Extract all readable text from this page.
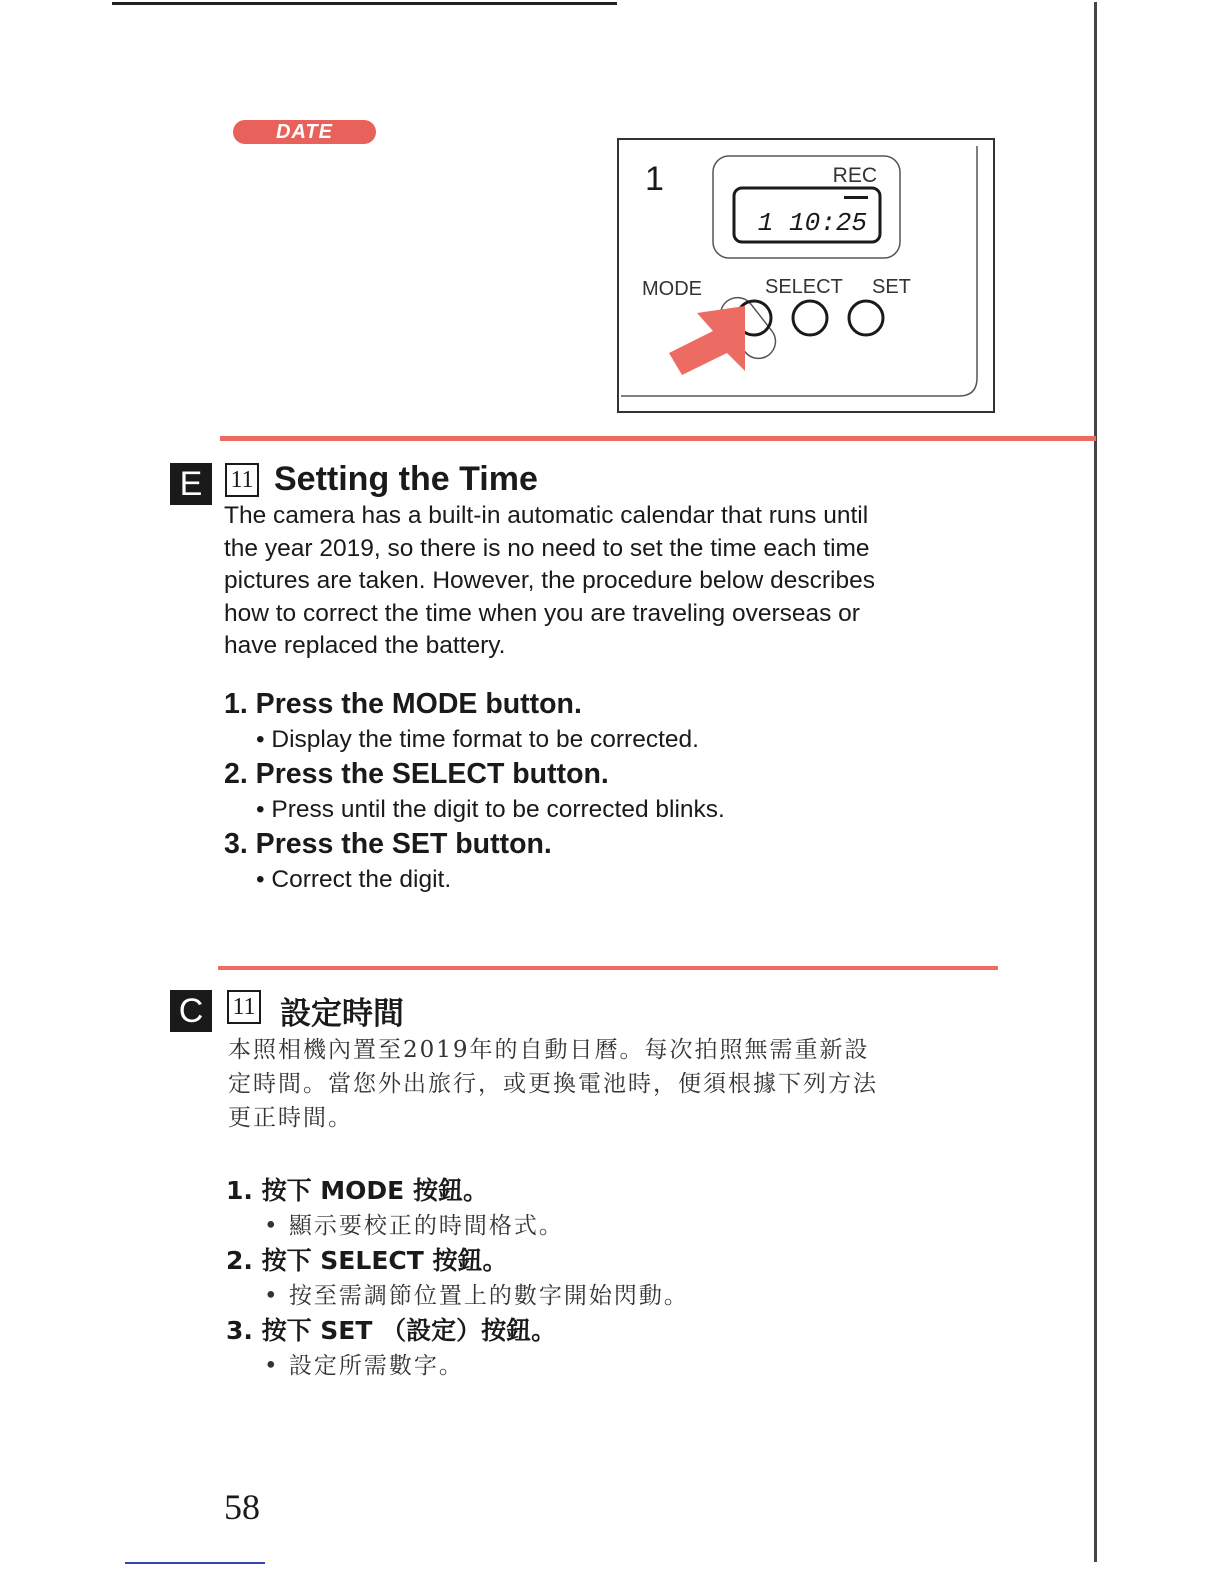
DATE
1	REC
1 10:25
MODE	SELECT SET
E	11 Setting the Time
The camera has a built-in automatic calendar that runs until
the year 2019, so there is no need to set the time each time
pictures are taken. However, the procedure below describes
how to correct the time when you are traveling overseas or
have replaced the battery.
1. Press the MODE button.
• Display the time format to be corrected.
2. Press the SELECT button.
• Press until the digit to be corrected blinks.
3. Press the SET button.
• Correct the digit.
C	11 設定時間
本照相機內置至2019年的自動日曆。每次拍照無需重新設
定時間。當您外出旅行，或更換電池時，便須根據下列方法
更正時間。
1. 按下 MODE 按鈕。
• 顯示要校正的時間格式。
2. 按下 SELECT 按鈕。
• 按至需調節位置上的數字開始閃動。
3. 按下 SET （設定）按鈕。
• 設定所需數字。
58
